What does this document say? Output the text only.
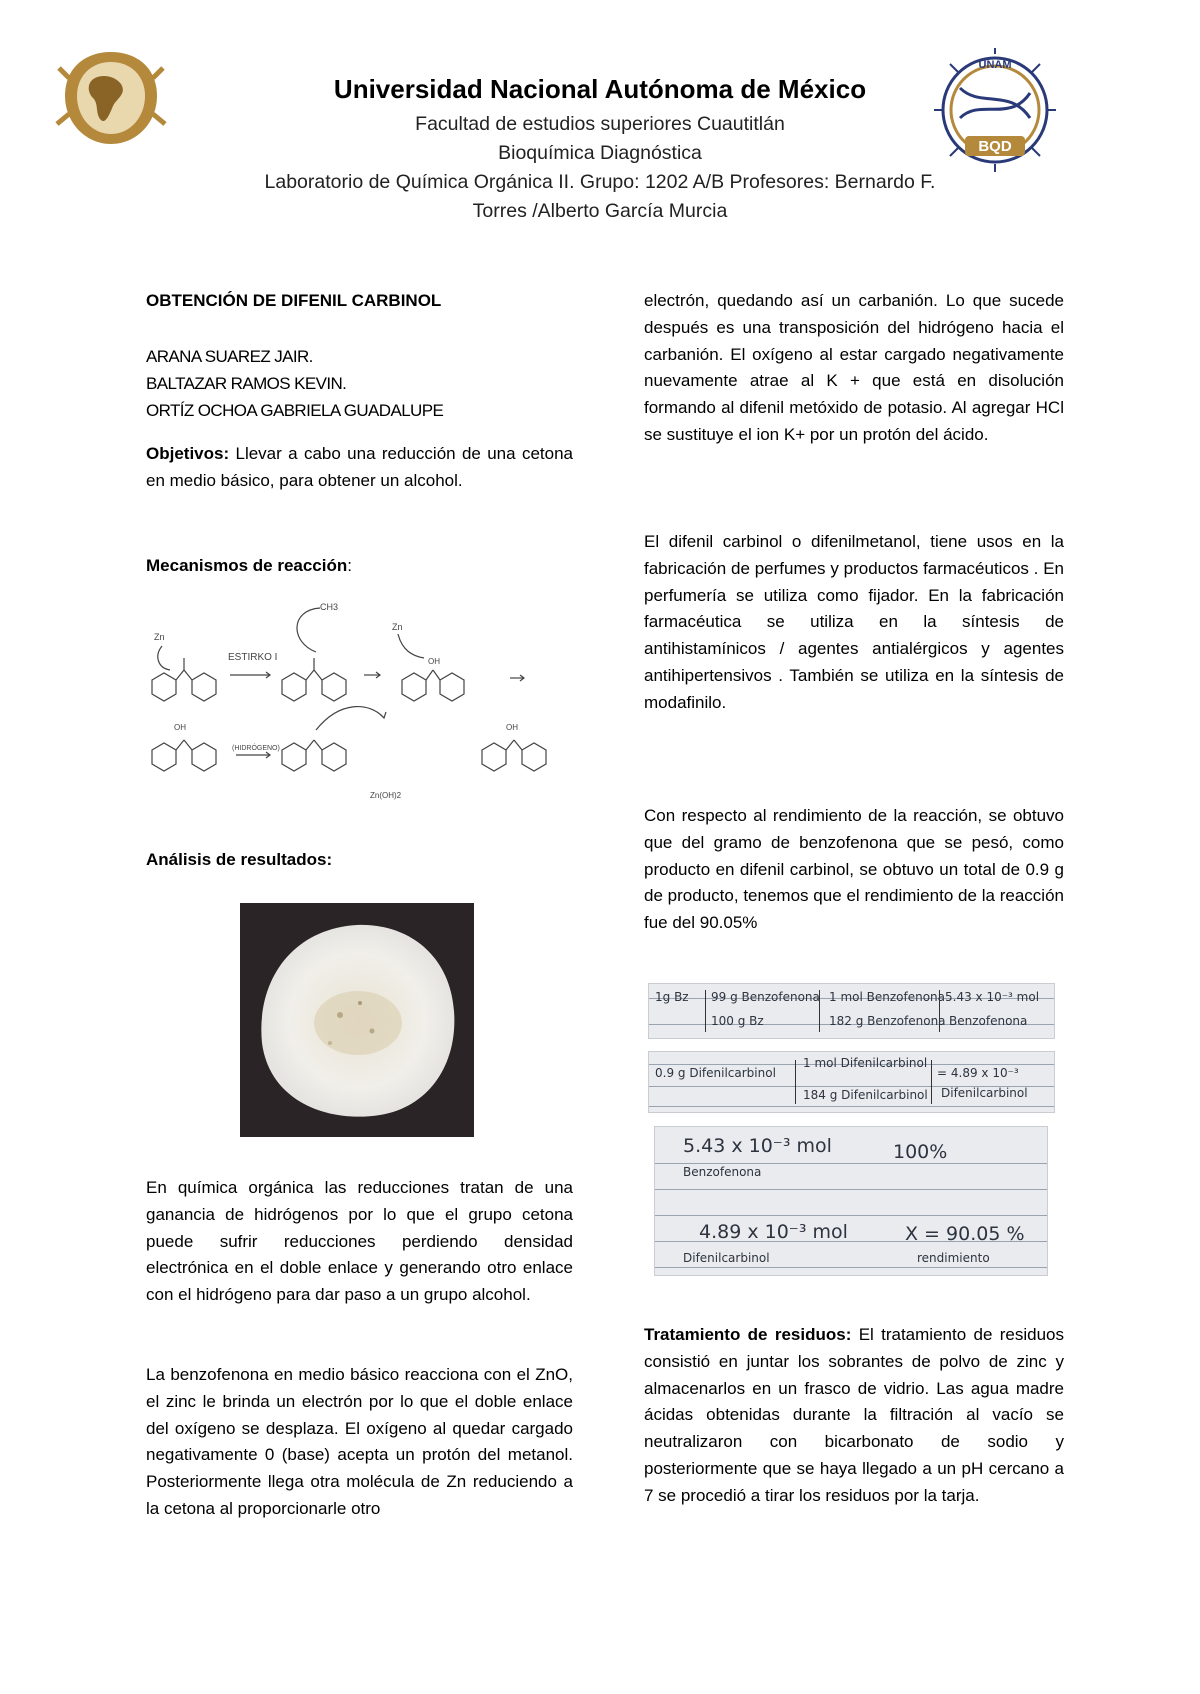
UNAM
BQD
Universidad Nacional Autónoma de México
Facultad de estudios superiores Cuautitlán
Bioquímica Diagnóstica
Laboratorio de Química Orgánica II. Grupo: 1202 A/B Profesores: Bernardo F.
Torres /Alberto García Murcia
OBTENCIÓN DE DIFENIL CARBINOL
ARANA SUAREZ JAIR.
BALTAZAR RAMOS KEVIN.
ORTÍZ OCHOA GABRIELA GUADALUPE
Objetivos: Llevar a cabo una reducción de una cetona en medio básico, para obtener un alcohol.
Mecanismos de reacción:
Zn
ESTIRKO I
CH3
Zn
OH
OH
(HIDRÓGENO)
Zn(OH)2
OH
Análisis de resultados:
En química orgánica las reducciones tratan de una ganancia de hidrógenos por lo que el grupo cetona puede sufrir reducciones perdiendo densidad electrónica en el doble enlace y generando otro enlace con el hidrógeno para dar paso a un grupo alcohol.
La benzofenona en medio básico reacciona con el ZnO, el zinc le brinda un electrón por lo que el doble enlace del oxígeno se desplaza. El oxígeno al quedar cargado negativamente 0 (base) acepta un protón del metanol. Posteriormente llega otra molécula de Zn reduciendo a la cetona al proporcionarle otro
electrón, quedando así un carbanión. Lo que sucede después es una transposición del hidrógeno hacia el carbanión. El oxígeno al estar cargado negativamente nuevamente atrae al K + que está en disolución formando al difenil metóxido de potasio. Al agregar HCl se sustituye el ion K+ por un protón del ácido.
El difenil carbinol o difenilmetanol, tiene usos en la fabricación de perfumes y productos farmacéuticos . En perfumería se utiliza como fijador. En la fabricación farmacéutica se utiliza en la síntesis de antihistamínicos / agentes antialérgicos y agentes antihipertensivos . También se utiliza en la síntesis de modafinilo.
Con respecto al rendimiento de la reacción, se obtuvo que del gramo de benzofenona que se pesó, como producto en difenil carbinol, se obtuvo un total de 0.9 g de producto, tenemos que el rendimiento de la reacción fue del 90.05%
1g Bz 99 g Benzofenona
100 g Bz
1 mol Benzofenona
182 g Benzofenona
5.43 x 10⁻³ mol
Benzofenona
0.9 g Difenilcarbinol
1 mol Difenilcarbinol
184 g Difenilcarbinol
= 4.89 x 10⁻³
Difenilcarbinol
5.43 x 10⁻³ mol
Benzofenona
100%
4.89 x 10⁻³ mol
Difenilcarbinol
X = 90.05 %
rendimiento
Tratamiento de residuos: El tratamiento de residuos consistió en juntar los sobrantes de polvo de zinc y almacenarlos en un frasco de vidrio. Las agua madre ácidas obtenidas durante la filtración al vacío se neutralizaron con bicarbonato de sodio y posteriormente que se haya llegado a un pH cercano a 7 se procedió a tirar los residuos por la tarja.
